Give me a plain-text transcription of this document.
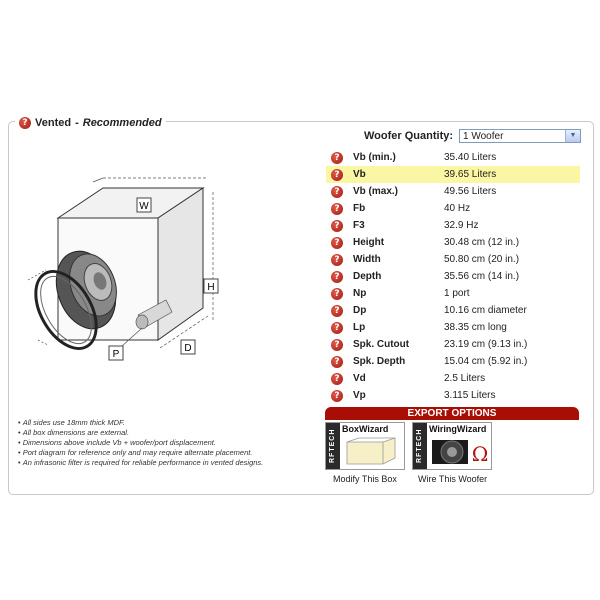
? Vented - Recommended
W
H
D
P
Woofer Quantity:	1 Woofer	▼
?	Vb (min.)	35.40 Liters
?	Vb	39.65 Liters
?	Vb (max.)	49.56 Liters
?	Fb	40 Hz
?	F3	32.9 Hz
?	Height	30.48 cm (12 in.)
?	Width	50.80 cm (20 in.)
?	Depth	35.56 cm (14 in.)
?	Np	1 port
?	Dp	10.16 cm diameter
?	Lp	38.35 cm long
?	Spk. Cutout	23.19 cm (9.13 in.)
?	Spk. Depth	15.04 cm (5.92 in.)
?	Vd	2.5 Liters
?	Vp	3.115 Liters
• All sides use 18mm thick MDF.
• All box dimensions are external.
• Dimensions above include Vb + woofer/port displacement.
• Port diagram for reference only and may require alternate placement.
• An infrasonic filter is required for reliable performance in vented designs.
EXPORT OPTIONS
RFTECH BoxWizard
Modify This Box
RFTECH WiringWizard
Ω
Wire This Woofer
